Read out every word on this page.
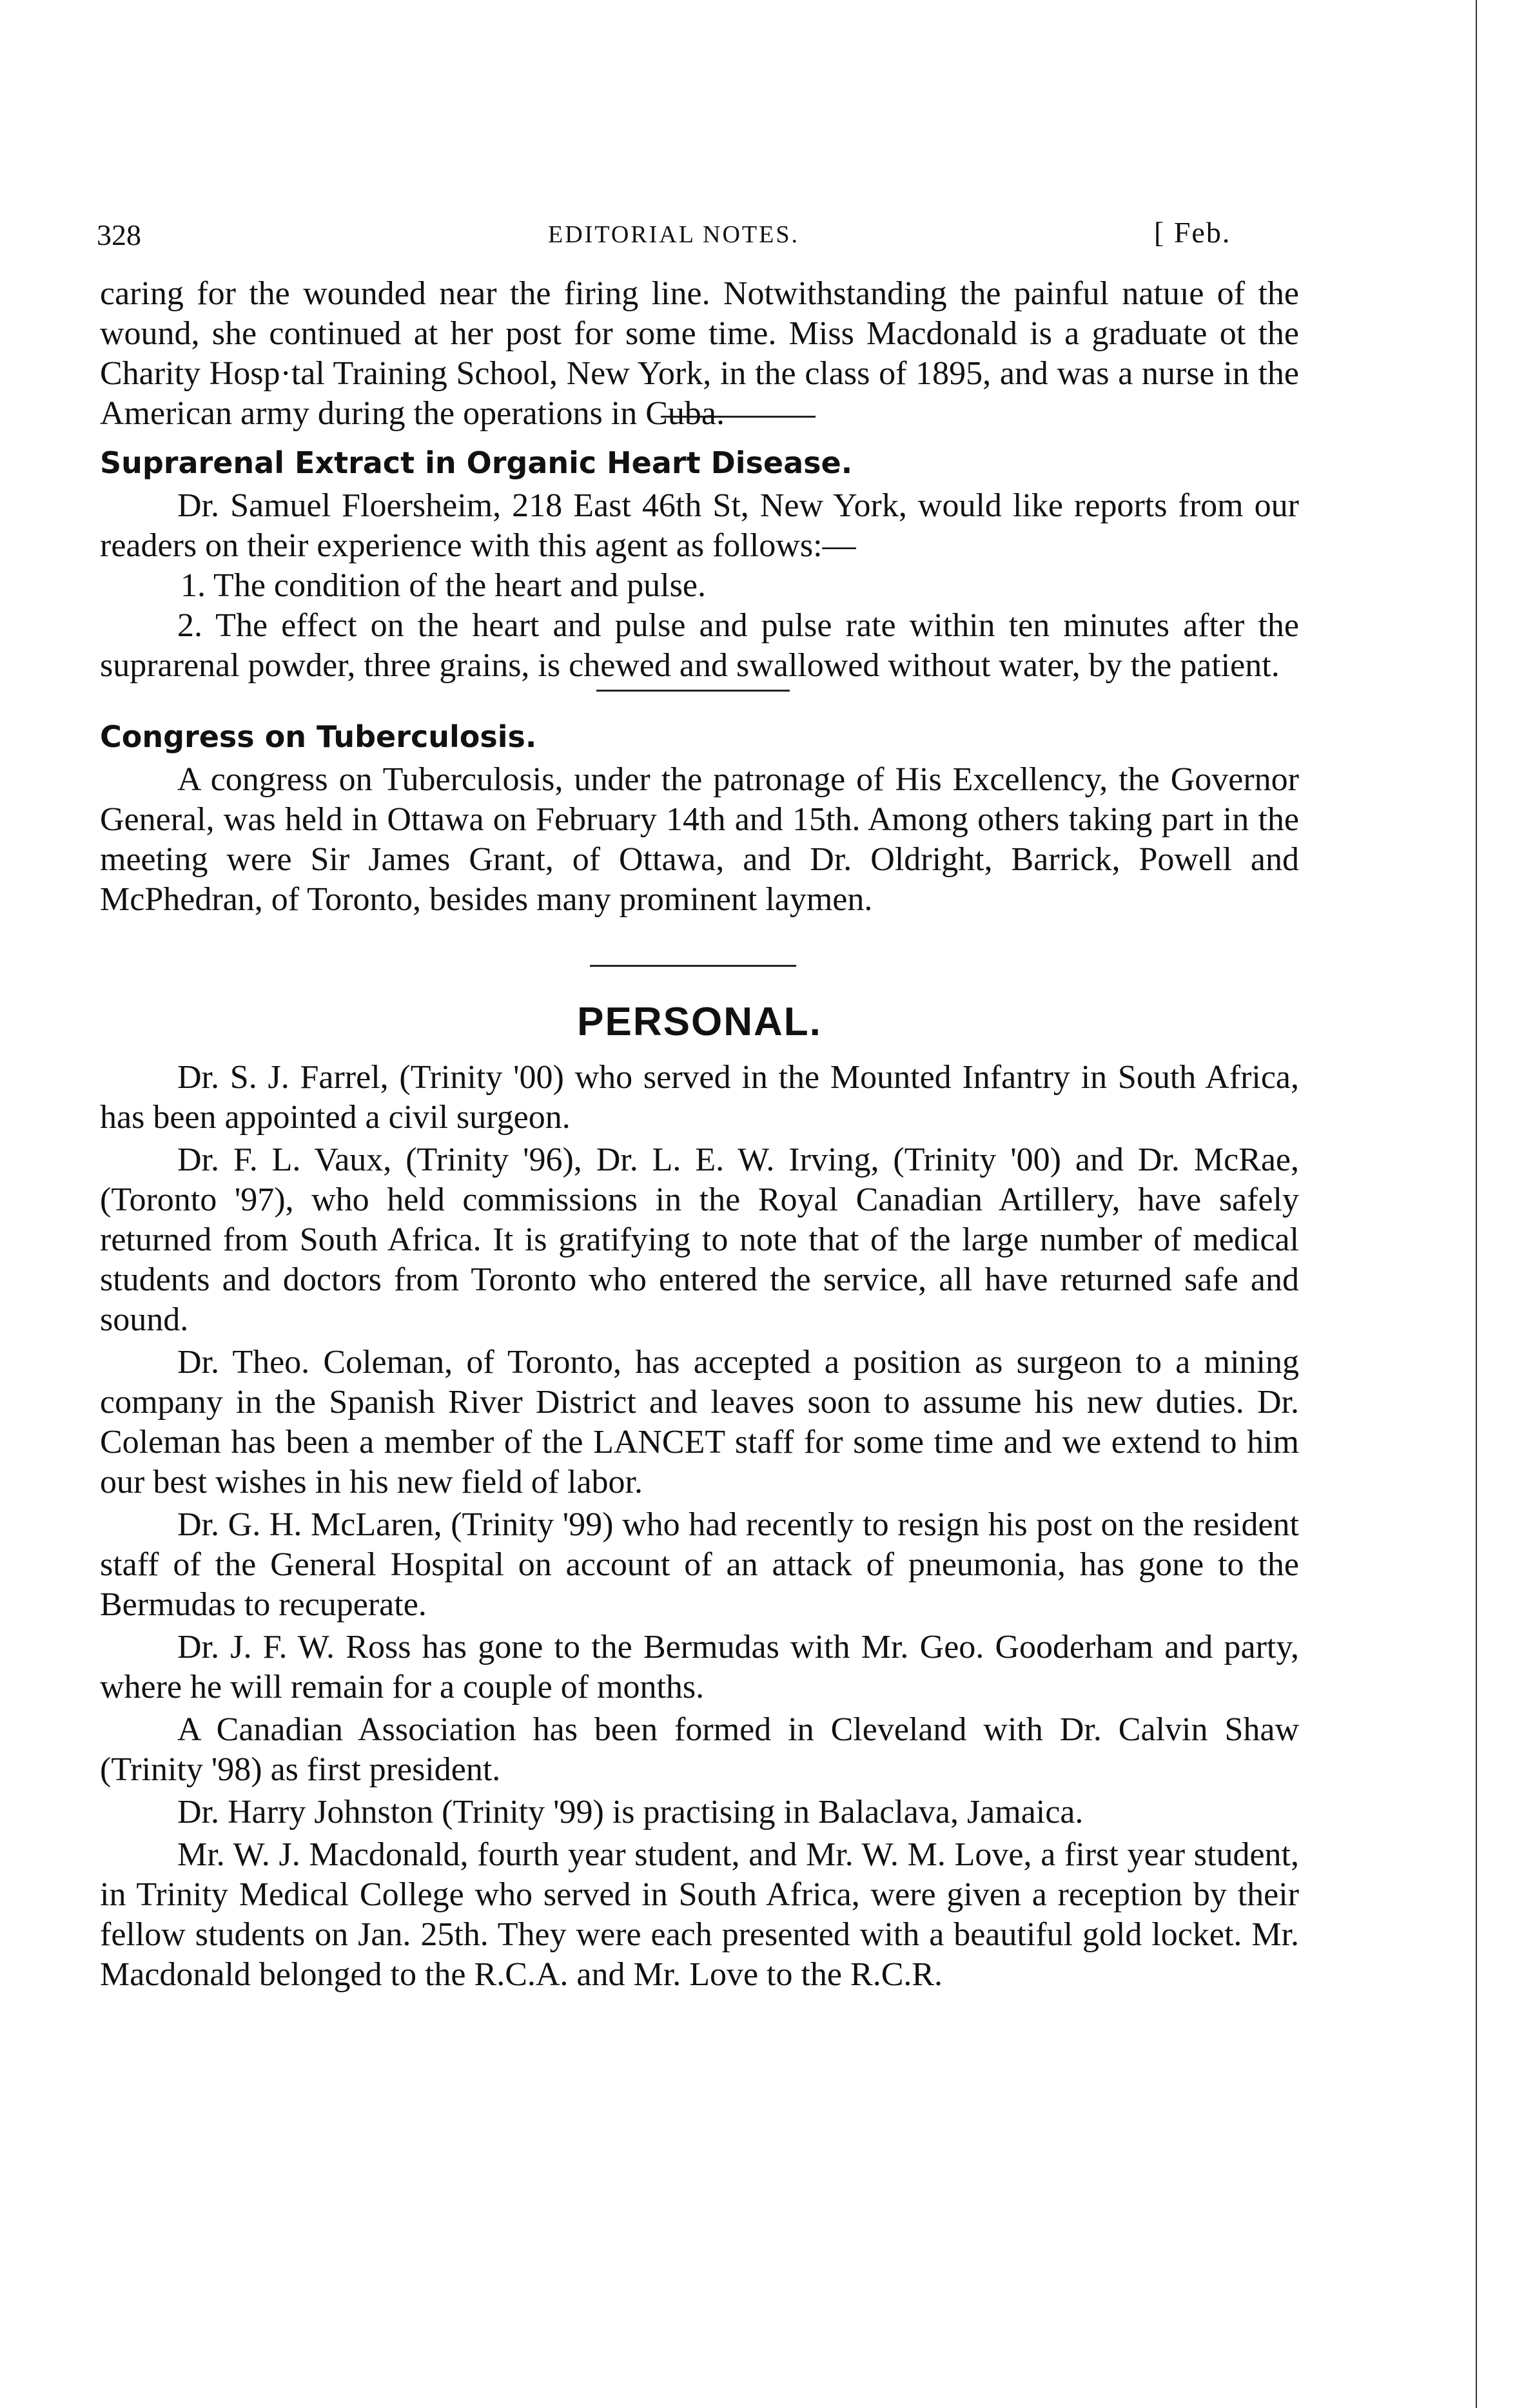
328	EDITORIAL NOTES.	[ Feb.

caring for the wounded near the firing line. Notwithstanding the painful natuıe of the wound, she continued at her post for some time. Miss Macdonald is a graduate ot the Charity Hosp·tal Training School, New York, in the class of 1895, and was a nurse in the American army during the operations in Cuba.

Suprarenal Extract in Organic Heart Disease.

Dr. Samuel Floersheim, 218 East 46th St, New York, would like reports from our readers on their experience with this agent as follows:—

1. The condition of the heart and pulse.

2. The effect on the heart and pulse and pulse rate within ten minutes after the suprarenal powder, three grains, is chewed and swallowed without water, by the patient.

Congress on Tuberculosis.

A congress on Tuberculosis, under the patronage of His Excellency, the Governor General, was held in Ottawa on February 14th and 15th. Among others taking part in the meeting were Sir James Grant, of Ottawa, and Dr. Oldright, Barrick, Powell and McPhedran, of Toronto, besides many prominent laymen.

PERSONAL.

Dr. S. J. Farrel, (Trinity '00) who served in the Mounted Infantry in South Africa, has been appointed a civil surgeon.

Dr. F. L. Vaux, (Trinity '96), Dr. L. E. W. Irving, (Trinity '00) and Dr. McRae, (Toronto '97), who held commissions in the Royal Canadian Artillery, have safely returned from South Africa. It is gratifying to note that of the large number of medical students and doctors from Toronto who entered the service, all have returned safe and sound.

Dr. Theo. Coleman, of Toronto, has accepted a position as surgeon to a mining company in the Spanish River District and leaves soon to assume his new duties. Dr. Coleman has been a member of the LANCET staff for some time and we extend to him our best wishes in his new field of labor.

Dr. G. H. McLaren, (Trinity '99) who had recently to resign his post on the resident staff of the General Hospital on account of an attack of pneumonia, has gone to the Bermudas to recuperate.

Dr. J. F. W. Ross has gone to the Bermudas with Mr. Geo. Gooderham and party, where he will remain for a couple of months.

A Canadian Association has been formed in Cleveland with Dr. Calvin Shaw (Trinity '98) as first president.

Dr. Harry Johnston (Trinity '99) is practising in Balaclava, Jamaica.

Mr. W. J. Macdonald, fourth year student, and Mr. W. M. Love, a first year student, in Trinity Medical College who served in South Africa, were given a reception by their fellow students on Jan. 25th. They were each presented with a beautiful gold locket. Mr. Macdonald belonged to the R.C.A. and Mr. Love to the R.C.R.
